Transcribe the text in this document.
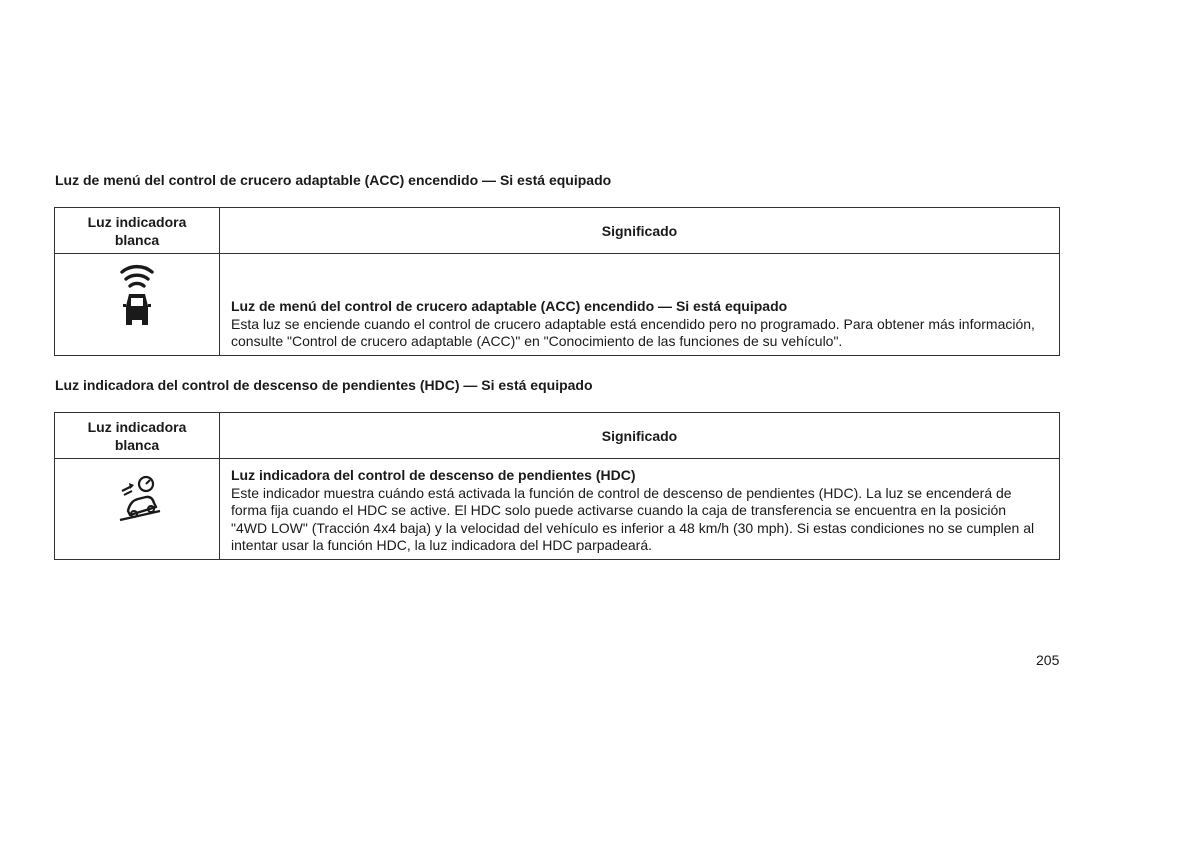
Luz de menú del control de crucero adaptable (ACC) encendido — Si está equipado

Luz indicadora blanca	Significado

Luz de menú del control de crucero adaptable (ACC) encendido — Si está equipado
Esta luz se enciende cuando el control de crucero adaptable está encendido pero no programado. Para obtener más información, consulte "Control de crucero adaptable (ACC)" en "Conocimiento de las funciones de su vehículo".

Luz indicadora del control de descenso de pendientes (HDC) — Si está equipado

Luz indicadora blanca	Significado

Luz indicadora del control de descenso de pendientes (HDC)
Este indicador muestra cuándo está activada la función de control de descenso de pendientes (HDC). La luz se encenderá de forma fija cuando el HDC se active. El HDC solo puede activarse cuando la caja de transferencia se encuentra en la posición "4WD LOW" (Tracción 4x4 baja) y la velocidad del vehículo es inferior a 48 km/h (30 mph). Si estas condiciones no se cumplen al intentar usar la función HDC, la luz indicadora del HDC parpadeará.
205
